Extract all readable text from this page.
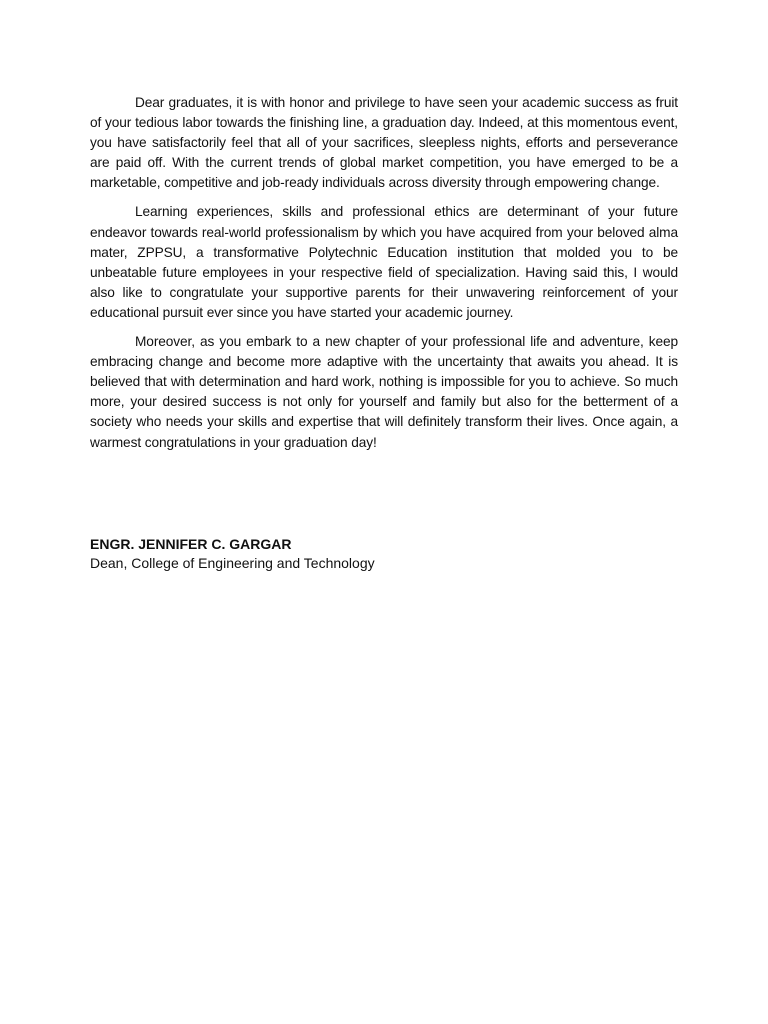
Dear graduates, it is with honor and privilege to have seen your academic success as fruit of your tedious labor towards the finishing line, a graduation day. Indeed, at this momentous event, you have satisfactorily feel that all of your sacrifices, sleepless nights, efforts and perseverance are paid off. With the current trends of global market competition, you have emerged to be a marketable, competitive and job-ready individuals across diversity through empowering change.

Learning experiences, skills and professional ethics are determinant of your future endeavor towards real-world professionalism by which you have acquired from your beloved alma mater, ZPPSU, a transformative Polytechnic Education institution that molded you to be unbeatable future employees in your respective field of specialization. Having said this, I would also like to congratulate your supportive parents for their unwavering reinforcement of your educational pursuit ever since you have started your academic journey.

Moreover, as you embark to a new chapter of your professional life and adventure, keep embracing change and become more adaptive with the uncertainty that awaits you ahead. It is believed that with determination and hard work, nothing is impossible for you to achieve. So much more, your desired success is not only for yourself and family but also for the betterment of a society who needs your skills and expertise that will definitely transform their lives. Once again, a warmest congratulations in your graduation day!

ENGR. JENNIFER C. GARGAR

Dean, College of Engineering and Technology
